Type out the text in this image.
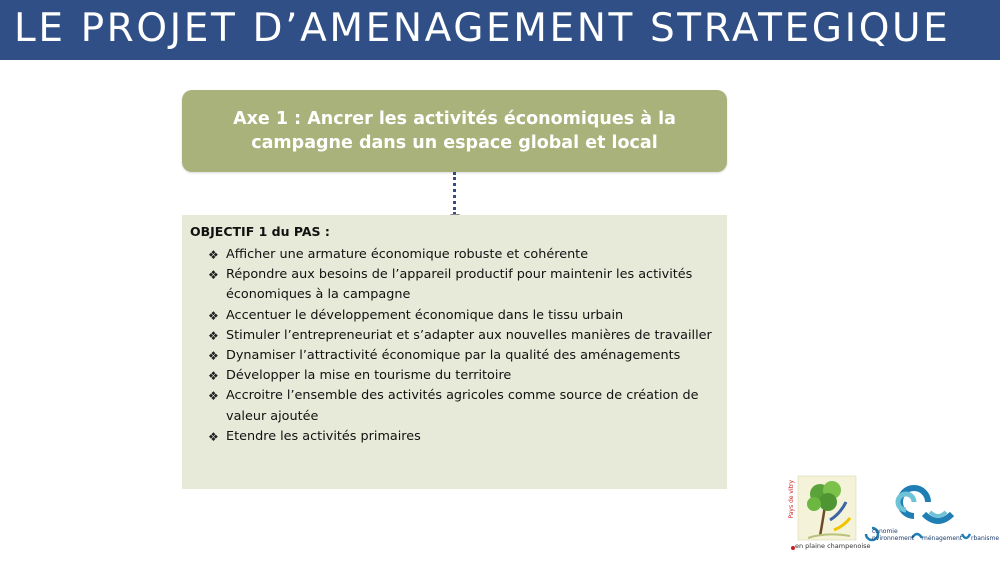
LE PROJET D’AMENAGEMENT STRATEGIQUE
Axe 1 : Ancrer les activités économiques à la campagne dans un espace global et local
OBJECTIF 1 du PAS :
❖ Afficher une armature économique robuste et cohérente
❖ Répondre aux besoins de l’appareil productif pour maintenir les activités économiques à la campagne
❖ Accentuer le développement économique dans le tissu urbain
❖ Stimuler l’entrepreneuriat et s’adapter aux nouvelles manières de travailler
❖ Dynamiser l’attractivité économique par la qualité des aménagements
❖ Développer la mise en tourisme du territoire
❖ Accroitre l’ensemble des activités agricoles comme source de création de valeur ajoutée
❖ Etendre les activités primaires
Pays de vitry
en plaine champenoise
conomie
nvironnement ménagement rbanisme
